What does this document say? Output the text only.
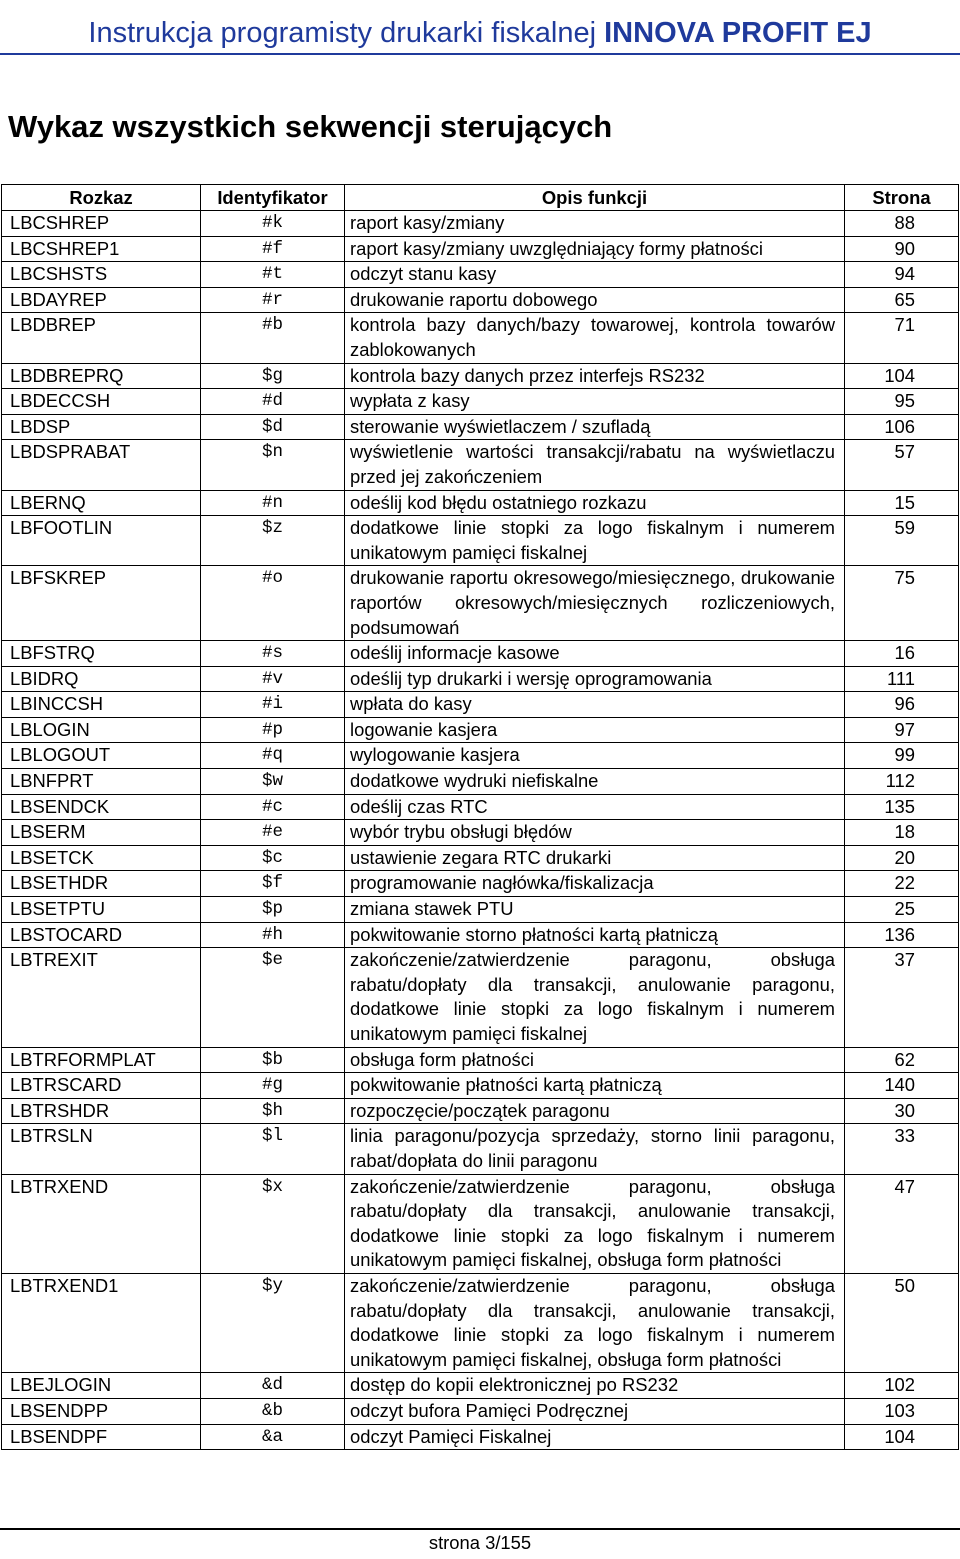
Instrukcja programisty drukarki fiskalnej INNOVA PROFIT EJ
Wykaz wszystkich sekwencji sterujących
Rozkaz	Identyfikator	Opis funkcji	Strona
LBCSHREP	#k	raport kasy/zmiany	88
LBCSHREP1	#f	raport kasy/zmiany uwzględniający formy płatności	90
LBCSHSTS	#t	odczyt stanu kasy	94
LBDAYREP	#r	drukowanie raportu dobowego	65
LBDBREP	#b	kontrola bazy danych/bazy towarowej, kontrola towarów zablokowanych	71
LBDBREPRQ	$g	kontrola bazy danych przez interfejs RS232	104
LBDECCSH	#d	wypłata z kasy	95
LBDSP	$d	sterowanie wyświetlaczem / szufladą	106
LBDSPRABAT	$n	wyświetlenie wartości transakcji/rabatu na wyświetlaczu przed jej zakończeniem	57
LBERNQ	#n	odeślij kod błędu ostatniego rozkazu	15
LBFOOTLIN	$z	dodatkowe linie stopki za logo fiskalnym i numerem unikatowym pamięci fiskalnej	59
LBFSKREP	#o	drukowanie raportu okresowego/miesięcznego, drukowanie raportów okresowych/miesięcznych rozliczeniowych, podsumowań	75
LBFSTRQ	#s	odeślij informacje kasowe	16
LBIDRQ	#v	odeślij typ drukarki i wersję oprogramowania	111
LBINCCSH	#i	wpłata do kasy	96
LBLOGIN	#p	logowanie kasjera	97
LBLOGOUT	#q	wylogowanie kasjera	99
LBNFPRT	$w	dodatkowe wydruki niefiskalne	112
LBSENDCK	#c	odeślij czas RTC	135
LBSERM	#e	wybór trybu obsługi błędów	18
LBSETCK	$c	ustawienie zegara RTC drukarki	20
LBSETHDR	$f	programowanie nagłówka/fiskalizacja	22
LBSETPTU	$p	zmiana stawek PTU	25
LBSTOCARD	#h	pokwitowanie storno płatności kartą płatniczą	136
LBTREXIT	$e	zakończenie/zatwierdzenie paragonu, obsługa rabatu/dopłaty dla transakcji, anulowanie paragonu, dodatkowe linie stopki za logo fiskalnym i numerem unikatowym pamięci fiskalnej	37
LBTRFORMPLAT	$b	obsługa form płatności	62
LBTRSCARD	#g	pokwitowanie płatności kartą płatniczą	140
LBTRSHDR	$h	rozpoczęcie/początek paragonu	30
LBTRSLN	$l	linia paragonu/pozycja sprzedaży, storno linii paragonu, rabat/dopłata do linii paragonu	33
LBTRXEND	$x	zakończenie/zatwierdzenie paragonu, obsługa rabatu/dopłaty dla transakcji, anulowanie transakcji, dodatkowe linie stopki za logo fiskalnym i numerem unikatowym pamięci fiskalnej, obsługa form płatności	47
LBTRXEND1	$y	zakończenie/zatwierdzenie paragonu, obsługa rabatu/dopłaty dla transakcji, anulowanie transakcji, dodatkowe linie stopki za logo fiskalnym i numerem unikatowym pamięci fiskalnej, obsługa form płatności	50
LBEJLOGIN	&d	dostęp do kopii elektronicznej po RS232	102
LBSENDPP	&b	odczyt bufora Pamięci Podręcznej	103
LBSENDPF	&a	odczyt Pamięci Fiskalnej	104
strona 3/155
